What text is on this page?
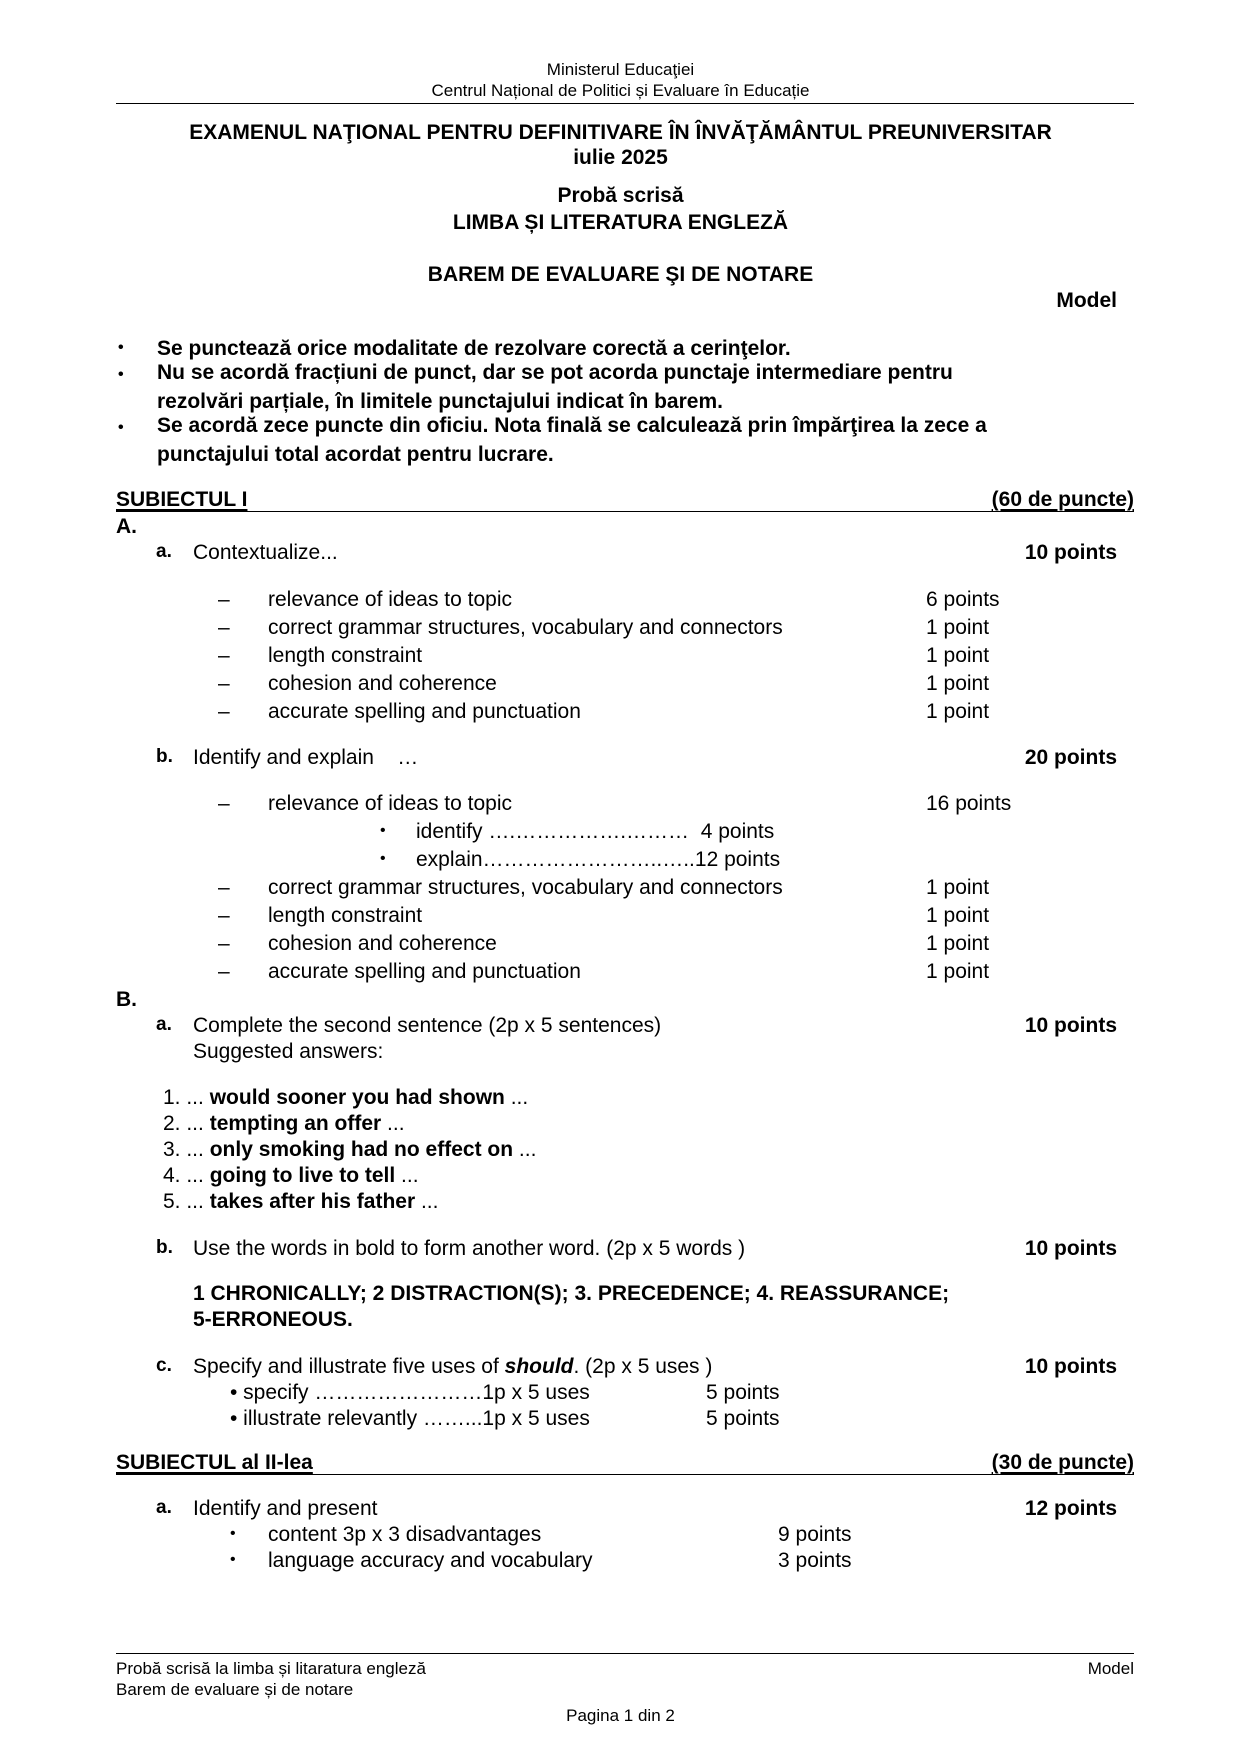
Ministerul Educaţiei
Centrul Național de Politici și Evaluare în Educație
EXAMENUL NAŢIONAL PENTRU DEFINITIVARE ÎN ÎNVĂŢĂMÂNTUL PREUNIVERSITAR
iulie 2025
Probă scrisă
LIMBA ȘI LITERATURA ENGLEZĂ
BAREM DE EVALUARE ŞI DE NOTARE
Model
• Se punctează orice modalitate de rezolvare corectă a cerinţelor.
• Nu se acordă fracțiuni de punct, dar se pot acorda punctaje intermediare pentru
rezolvări parțiale, în limitele punctajului indicat în barem.
• Se acordă zece puncte din oficiu. Nota finală se calculează prin împărţirea la zece a
punctajului total acordat pentru lucrare.
SUBIECTUL I	(60 de puncte)
A.
a. Contextualize...	10 points
–
relevance of ideas to topic	6 points
–
correct grammar structures, vocabulary and connectors	1 point
–
length constraint	1 point
–
cohesion and coherence	1 point
–
accurate spelling and punctuation	1 point
b. Identify and explain    …	20 points
–
relevance of ideas to topic	16 points
• identify ….…………….………  4 points
• explain……………………..…..12 points
–
correct grammar structures, vocabulary and connectors	1 point
–
length constraint	1 point
–
cohesion and coherence	1 point
–
accurate spelling and punctuation	1 point
B.
a. Complete the second sentence (2p x 5 sentences)	10 points
Suggested answers:
1. ... would sooner you had shown ...
2. ... tempting an offer ...
3. ... only smoking had no effect on ...
4. ... going to live to tell ...
5. ... takes after his father ...
b. Use the words in bold to form another word. (2p x 5 words )	10 points
1 CHRONICALLY; 2 DISTRACTION(S); 3. PRECEDENCE; 4. REASSURANCE;
5-ERRONEOUS.
c. Specify and illustrate five uses of should. (2p x 5 uses )	10 points
• specify ……………………1p x 5 uses	5 points
• illustrate relevantly ……...1p x 5 uses	5 points
SUBIECTUL al II-lea	(30 de puncte)
a. Identify and present	12 points
• content 3p x 3 disadvantages	9 points
• language accuracy and vocabulary	3 points
Probă scrisă la limba și litaratura engleză	Model
Barem de evaluare și de notare
Pagina 1 din 2
